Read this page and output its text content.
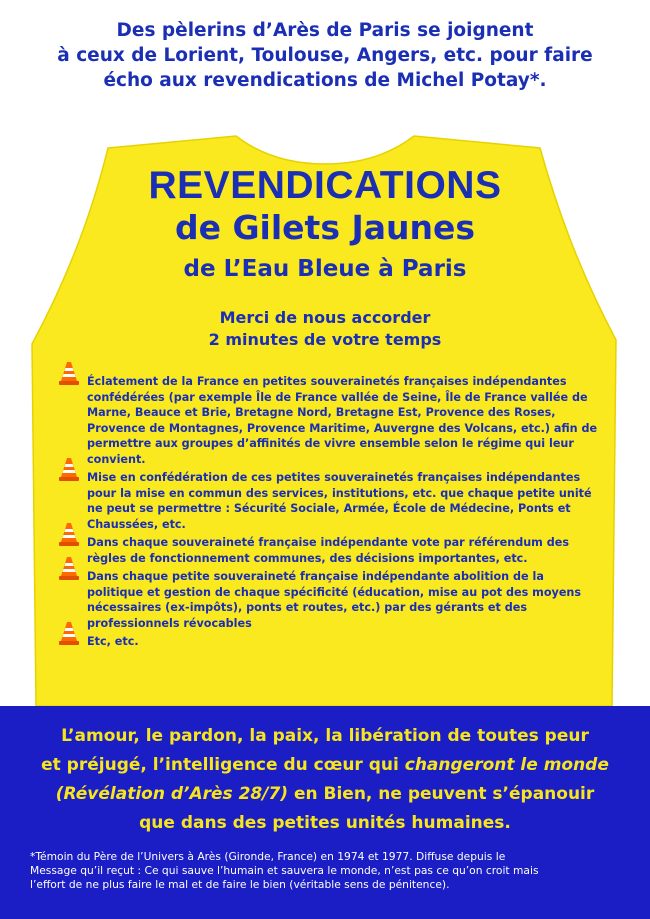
Des pèlerins d’Arès de Paris se joignent
à ceux de Lorient, Toulouse, Angers, etc. pour faire
écho aux revendications de Michel Potay*.
REVENDICATIONS
de Gilets Jaunes
de L’Eau Bleue à Paris
Merci de nous accorder
2 minutes de votre temps
Éclatement de la France en petites souverainetés françaises indépendantes confédérées (par exemple Île de France vallée de Seine, Île de France vallée de Marne, Beauce et Brie, Bretagne Nord, Bretagne Est, Provence des Roses, Provence de Montagnes, Provence Maritime, Auvergne des Volcans, etc.) afin de permettre aux groupes d’affinités de vivre ensemble selon le régime qui leur convient.
Mise en confédération de ces petites souverainetés françaises indépendantes pour la mise en commun des services, institutions, etc. que chaque petite unité ne peut se permettre : Sécurité Sociale, Armée, École de Médecine, Ponts et Chaussées, etc.
Dans chaque souveraineté française indépendante vote par référendum des règles de fonctionnement communes, des décisions importantes, etc.
Dans chaque petite souveraineté française indépendante abolition de la politique et gestion de chaque spécificité (éducation, mise au pot des moyens nécessaires (ex-impôts), ponts et routes, etc.) par des gérants et des professionnels révocables
Etc, etc.
L’amour, le pardon, la paix, la libération de toutes peur
et préjugé, l’intelligence du cœur qui changeront le monde
(Révélation d’Arès 28/7) en Bien, ne peuvent s’épanouir
que dans des petites unités humaines.
*Témoin du Père de l’Univers à Arès (Gironde, France) en 1974 et 1977. Diffuse depuis le
Message qu’il reçut : Ce qui sauve l’humain et sauvera le monde, n’est pas ce qu’on croit mais
l’effort de ne plus faire le mal et de faire le bien (véritable sens de pénitence).
